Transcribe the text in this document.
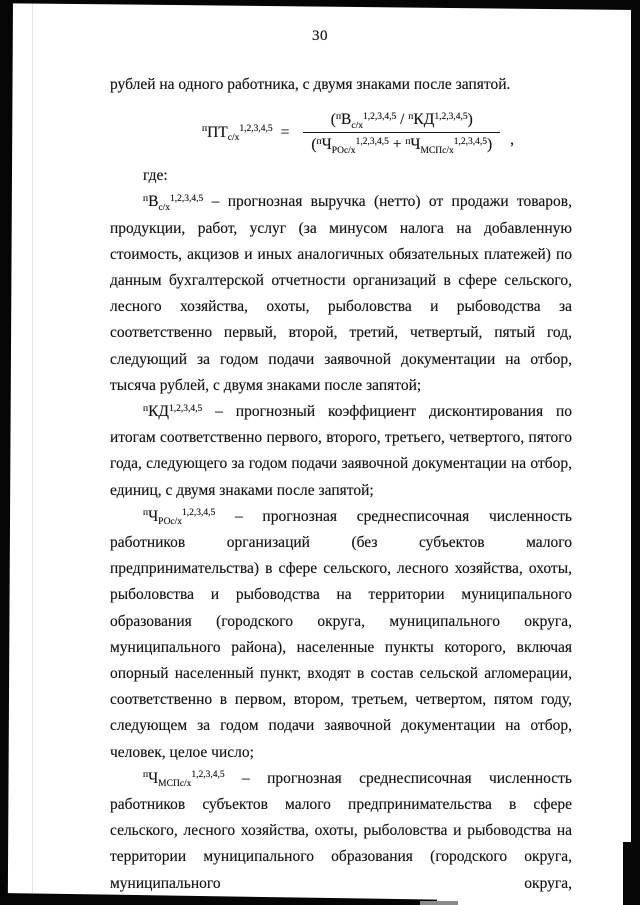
30

рублей на одного работника, с двумя знаками после запятой.

$^пПТ_{с/х}^{1,2,3,4,5} = \frac{(^пВ_{с/х}^{1,2,3,4,5} / ^пКД^{1,2,3,4,5})}{(^пЧ_{РОс/х}^{1,2,3,4,5} + ^пЧ_{МСПс/х}^{1,2,3,4,5})}$ ,

где:

$^пВ_{с/х}^{1,2,3,4,5}$ – прогнозная выручка (нетто) от продажи товаров, продукции, работ, услуг (за минусом налога на добавленную стоимость, акцизов и иных аналогичных обязательных платежей) по данным бухгалтерской отчетности организаций в сфере сельского, лесного хозяйства, охоты, рыболовства и рыбоводства за соответственно первый, второй, третий, четвертый, пятый год, следующий за годом подачи заявочной документации на отбор, тысяча рублей, с двумя знаками после запятой;

$^п$КД$^{1,2,3,4,5}$ – прогнозный коэффициент дисконтирования по итогам соответственно первого, второго, третьего, четвертого, пятого года, следующего за годом подачи заявочной документации на отбор, единиц, с двумя знаками после запятой;

$^пЧ_{РОс/х}^{1,2,3,4,5}$ – прогнозная среднесписочная численность работников организаций (без субъектов малого предпринимательства) в сфере сельского, лесного хозяйства, охоты, рыболовства и рыбоводства на территории муниципального образования (городского округа, муниципального округа, муниципального района), населенные пункты которого, включая опорный населенный пункт, входят в состав сельской агломерации, соответственно в первом, втором, третьем, четвертом, пятом году, следующем за годом подачи заявочной документации на отбор, человек, целое число;

$^пЧ_{МСПс/х}^{1,2,3,4,5}$ – прогнозная среднесписочная численность работников субъектов малого предпринимательства в сфере сельского, лесного хозяйства, охоты, рыболовства и рыбоводства на территории муниципального образования (городского округа, муниципального округа,
